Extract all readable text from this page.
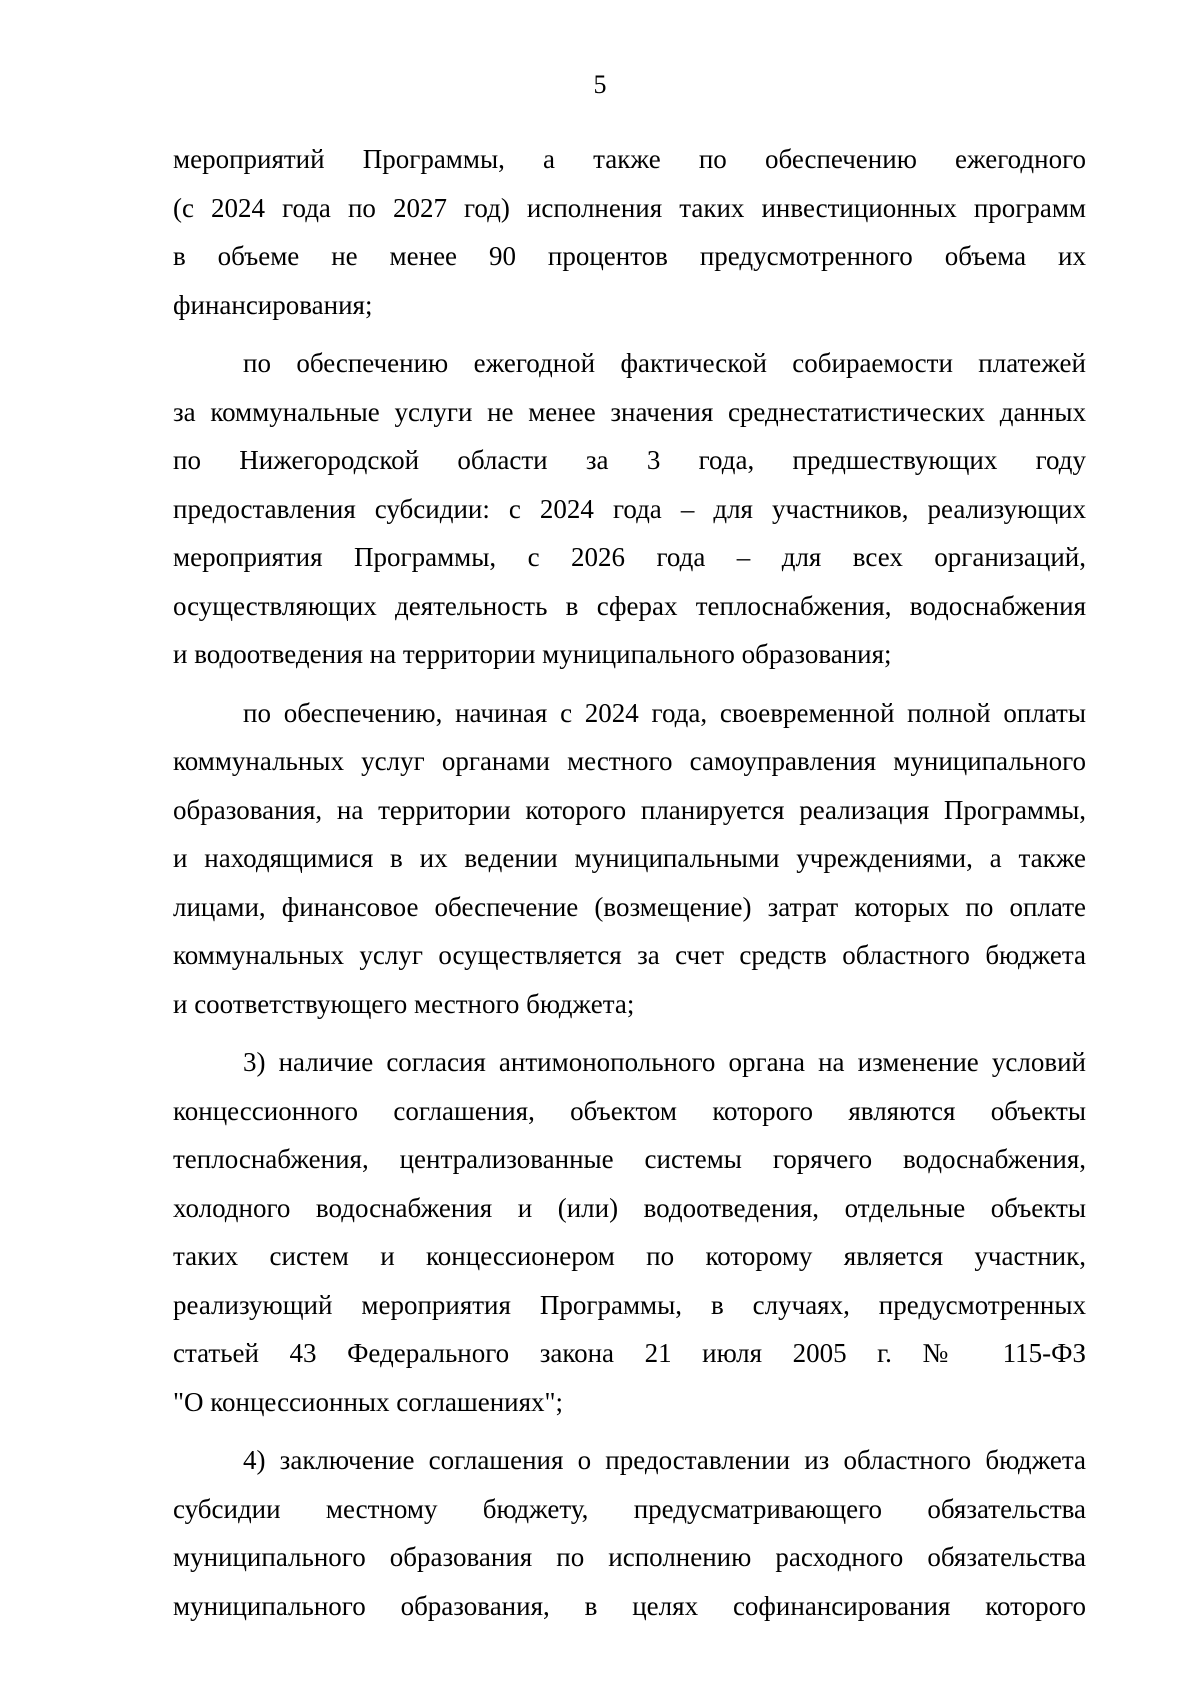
5
мероприятий Программы, а также по обеспечению ежегодного
(с 2024 года по 2027 год) исполнения таких инвестиционных программ
в объеме не менее 90 процентов предусмотренного объема их
финансирования;
по обеспечению ежегодной фактической собираемости платежей
за коммунальные услуги не менее значения среднестатистических данных
по Нижегородской области за 3 года, предшествующих году
предоставления субсидии: с 2024 года – для участников, реализующих
мероприятия Программы, с 2026 года – для всех организаций,
осуществляющих деятельность в сферах теплоснабжения, водоснабжения
и водоотведения на территории муниципального образования;
по обеспечению, начиная с 2024 года, своевременной полной оплаты
коммунальных услуг органами местного самоуправления муниципального
образования, на территории которого планируется реализация Программы,
и находящимися в их ведении муниципальными учреждениями, а также
лицами, финансовое обеспечение (возмещение) затрат которых по оплате
коммунальных услуг осуществляется за счет средств областного бюджета
и соответствующего местного бюджета;
3) наличие согласия антимонопольного органа на изменение условий
концессионного соглашения, объектом которого являются объекты
теплоснабжения, централизованные системы горячего водоснабжения,
холодного водоснабжения и (или) водоотведения, отдельные объекты
таких систем и концессионером по которому является участник,
реализующий мероприятия Программы, в случаях, предусмотренных
статьей 43 Федерального закона 21 июля 2005 г. № 115-ФЗ
"О концессионных соглашениях";
4) заключение соглашения о предоставлении из областного бюджета
субсидии местному бюджету, предусматривающего обязательства
муниципального образования по исполнению расходного обязательства
муниципального образования, в целях софинансирования которого
